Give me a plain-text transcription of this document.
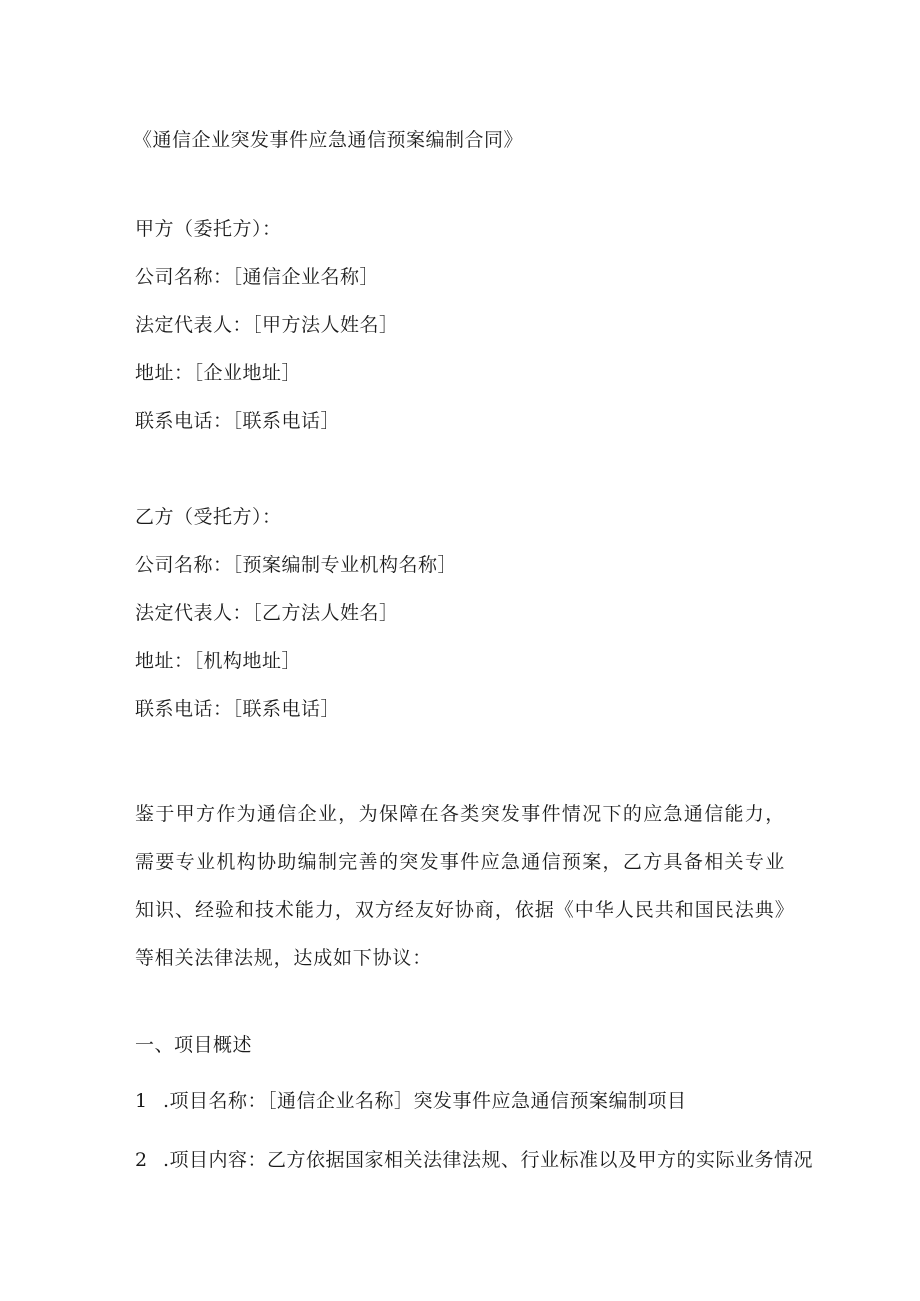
《通信企业突发事件应急通信预案编制合同》
甲方（委托方）：
公司名称：［通信企业名称］
法定代表人：［甲方法人姓名］
地址：［企业地址］
联系电话：［联系电话］
乙方（受托方）：
公司名称：［预案编制专业机构名称］
法定代表人：［乙方法人姓名］
地址：［机构地址］
联系电话：［联系电话］
鉴于甲方作为通信企业，为保障在各类突发事件情况下的应急通信能力，需要专业机构协助编制完善的突发事件应急通信预案，乙方具备相关专业知识、经验和技术能力，双方经友好协商，依据《中华人民共和国民法典》等相关法律法规，达成如下协议：
一、项目概述
1 .项目名称：［通信企业名称］突发事件应急通信预案编制项目
2 .项目内容：乙方依据国家相关法律法规、行业标准以及甲方的实际业务情况
